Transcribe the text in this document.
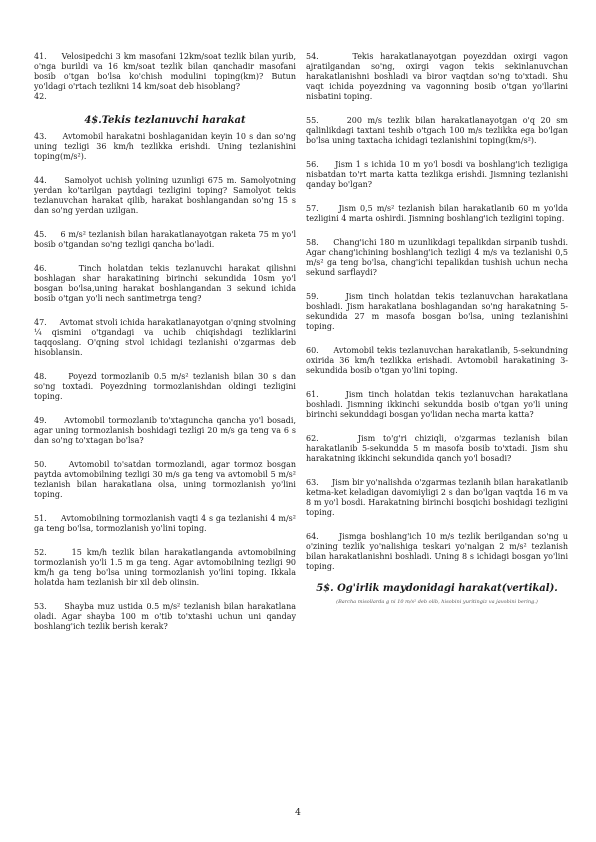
41.     Velosipedchi 3 km masofani 12km/soat tezlik bilan yurib, o'nga burildi va 16 km/soat tezlik bilan qanchadir masofani bosib o'tgan bo'lsa ko'chish modulini toping(km)? Butun yo'ldagi o'rtach tezlikni 14 km/soat deb hisoblang?

42.

4$.Tekis tezlanuvchi harakat

43.     Avtomobil harakatni boshlaganidan keyin 10 s dan so'ng uning tezligi 36 km/h tezlikka erishdi. Uning tezlanishini toping(m/s²).

44.     Samolyot uchish yolining uzunligi 675 m. Samolyotning yerdan ko'tarilgan paytdagi tezligini toping? Samolyot tekis tezlanuvchan harakat qilib, harakat boshlangandan so'ng 15 s dan so'ng yerdan uzilgan.

45.     6 m/s² tezlanish bilan harakatlanayotgan raketa 75 m yo'l bosib o'tgandan so'ng tezligi qancha bo'ladi.

46.     Tinch holatdan tekis tezlanuvchi harakat qilishni boshlagan shar harakatining birinchi sekundida 10sm yo'l bosgan bo'lsa,uning harakat boshlangandan 3 sekund ichida bosib o'tgan yo'li nech santimetrga teng?

47.     Avtomat stvoli ichida harakatlanayotgan o'qning stvolning ¼ qismini o'tgandagi va uchib chiqishdagi tezliklarini taqqoslang. O'qning stvol ichidagi tezlanishi o'zgarmas deb hisoblansin.

48.     Poyezd tormozlanib 0.5 m/s² tezlanish bilan 30 s dan so'ng toxtadi. Poyezdning tormozlanishdan oldingi tezligini toping.

49.     Avtomobil tormozlanib to'xtaguncha qancha yo'l bosadi, agar uning tormozlanish boshidagi tezligi 20 m/s ga teng va 6 s dan so'ng to'xtagan bo'lsa?

50.     Avtomobil to'satdan tormozlandi, agar tormoz bosgan paytda avtomobilning tezligi 30 m/s ga teng va avtomobil 5 m/s² tezlanish bilan harakatlana olsa, uning tormozlanish yo'lini toping.

51.     Avtomobilning tormozlanish vaqti 4 s ga tezlanishi 4 m/s² ga teng bo'lsa, tormozlanish yo'lini toping.

52.     15 km/h tezlik bilan harakatlanganda avtomobilning tormozlanish yo'li 1.5 m ga teng. Agar avtomobilning tezligi 90 km/h ga teng bo'lsa uning tormozlanish yo'lini toping. Ikkala holatda ham tezlanish bir xil deb olinsin.

53.     Shayba muz ustida 0.5 m/s² tezlanish bilan harakatlana oladi. Agar shayba 100 m o'tib to'xtashi uchun uni qanday boshlang'ich tezlik berish kerak?

54.     Tekis harakatlanayotgan poyezddan oxirgi vagon ajratilgandan so'ng, oxirgi vagon tekis sekinlanuvchan harakatlanishni boshladi va biror vaqtdan so'ng to'xtadi. Shu vaqt ichida poyezdning va vagonning bosib o'tgan yo'llarini nisbatini toping.

55.     200 m/s tezlik bilan harakatlanayotgan o'q 20 sm qalinlikdagi taxtani teshib o'tgach 100 m/s tezlikka ega bo'lgan bo'lsa uning taxtacha ichidagi tezlanishini toping(km/s²).

56.     Jism 1 s ichida 10 m yo'l bosdi va boshlang'ich tezligiga nisbatdan to'rt marta katta tezlikga erishdi. Jismning tezlanishi qanday bo'lgan?

57.     Jism 0,5 m/s² tezlanish bilan harakatlanib 60 m yo'lda tezligini 4 marta oshirdi. Jismning boshlang'ich tezligini toping.

58.     Chang'ichi 180 m uzunlikdagi tepalikdan sirpanib tushdi. Agar chang'ichining boshlang'ich tezligi 4 m/s va tezlanishi 0,5 m/s² ga teng bo'lsa, chang'ichi tepalikdan tushish uchun necha sekund sarflaydi?

59.     Jism tinch holatdan tekis tezlanuvchan harakatlana boshladi. Jism harakatlana boshlagandan so'ng harakatning 5-sekundida 27 m masofa bosgan bo'lsa, uning tezlanishini toping.

60.     Avtomobil tekis tezlanuvchan harakatlanib, 5-sekundning oxirida 36 km/h tezlikka erishadi. Avtomobil harakatining 3-sekundida bosib o'tgan yo'lini toping.

61.     Jism tinch holatdan tekis tezlanuvchan harakatlana boshladi. Jismning ikkinchi sekundda bosib o'tgan yo'li uning birinchi sekunddagi bosgan yo'lidan necha marta katta?

62.     Jism to'g'ri chiziqli, o'zgarmas tezlanish bilan harakatlanib 5-sekundda 5 m masofa bosib to'xtadi. Jism shu harakatning ikkinchi sekundida qanch yo'l bosadi?

63.     Jism bir yo'nalishda o'zgarmas tezlanih bilan harakatlanib ketma-ket keladigan davomiyligi 2 s dan bo'lgan vaqtda 16 m va 8 m yo'l bosdi. Harakatning birinchi bosqichi boshidagi tezligini toping.

64.     Jismga boshlang'ich 10 m/s tezlik berilgandan so'ng u o'zining tezlik yo'nalishiga teskari yo'nalgan 2 m/s² tezlanish bilan harakatlanishni boshladi. Uning 8 s ichidagi bosgan yo'lini toping.

5$. Og'irlik maydonidagi harakat(vertikal).

(Barcha misollarda g ni 10 m/s² deb olib, hisobini yuritingiz va javobini bering.)

4
